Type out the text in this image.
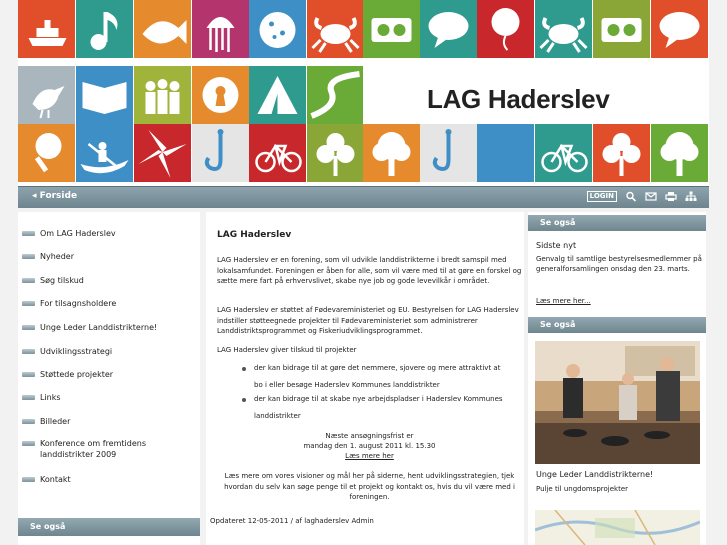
LAG Haderslev
◂ Forside	LOGIN
Om LAG Haderslev
Nyheder
Søg tilskud
For tilsagnsholdere
Unge Leder Landdistrikterne!
Udviklingsstrategi
Støttede projekter
Links
Billeder
Konference om fremtidens landdistrikter 2009
Kontakt
Se også
LAG Haderslev
LAG Haderslev er en forening, som vil udvikle landdistrikterne i bredt samspil med lokalsamfundet. Foreningen er åben for alle, som vil være med til at gøre en forskel og sætte mere fart på erhvervslivet, skabe nye job og gode levevilkår i området.
LAG Haderslev er støttet af Fødevareministeriet og EU. Bestyrelsen for LAG Haderslev indstiller støtteegnede projekter til Fødevareministeriet som administrerer Landdistriktsprogrammet og Fiskeriudviklingsprogrammet.
LAG Haderslev giver tilskud til projekter
der kan bidrage til at gøre det nemmere, sjovere og mere attraktivt at
bo i eller besøge Haderslev Kommunes landdistrikter
der kan bidrage til at skabe nye arbejdspladser i Haderslev Kommunes
landdistrikter
Næste ansøgningsfrist er
mandag den 1. august 2011 kl. 15.30
Læs mere her
Læs mere om vores visioner og mål her på siderne, hent udviklingsstrategien, tjek hvordan du selv kan søge penge til et projekt og kontakt os, hvis du vil være med i foreningen.
Opdateret 12-05-2011 / af laghaderslev Admin
Se også
Sidste nyt
Genvalg til samtlige bestyrelsesmedlemmer på generalforsamlingen onsdag den 23. marts.
Læs mere her...
Se også
Unge Leder Landdistrikterne!
Pulje til ungdomsprojekter
